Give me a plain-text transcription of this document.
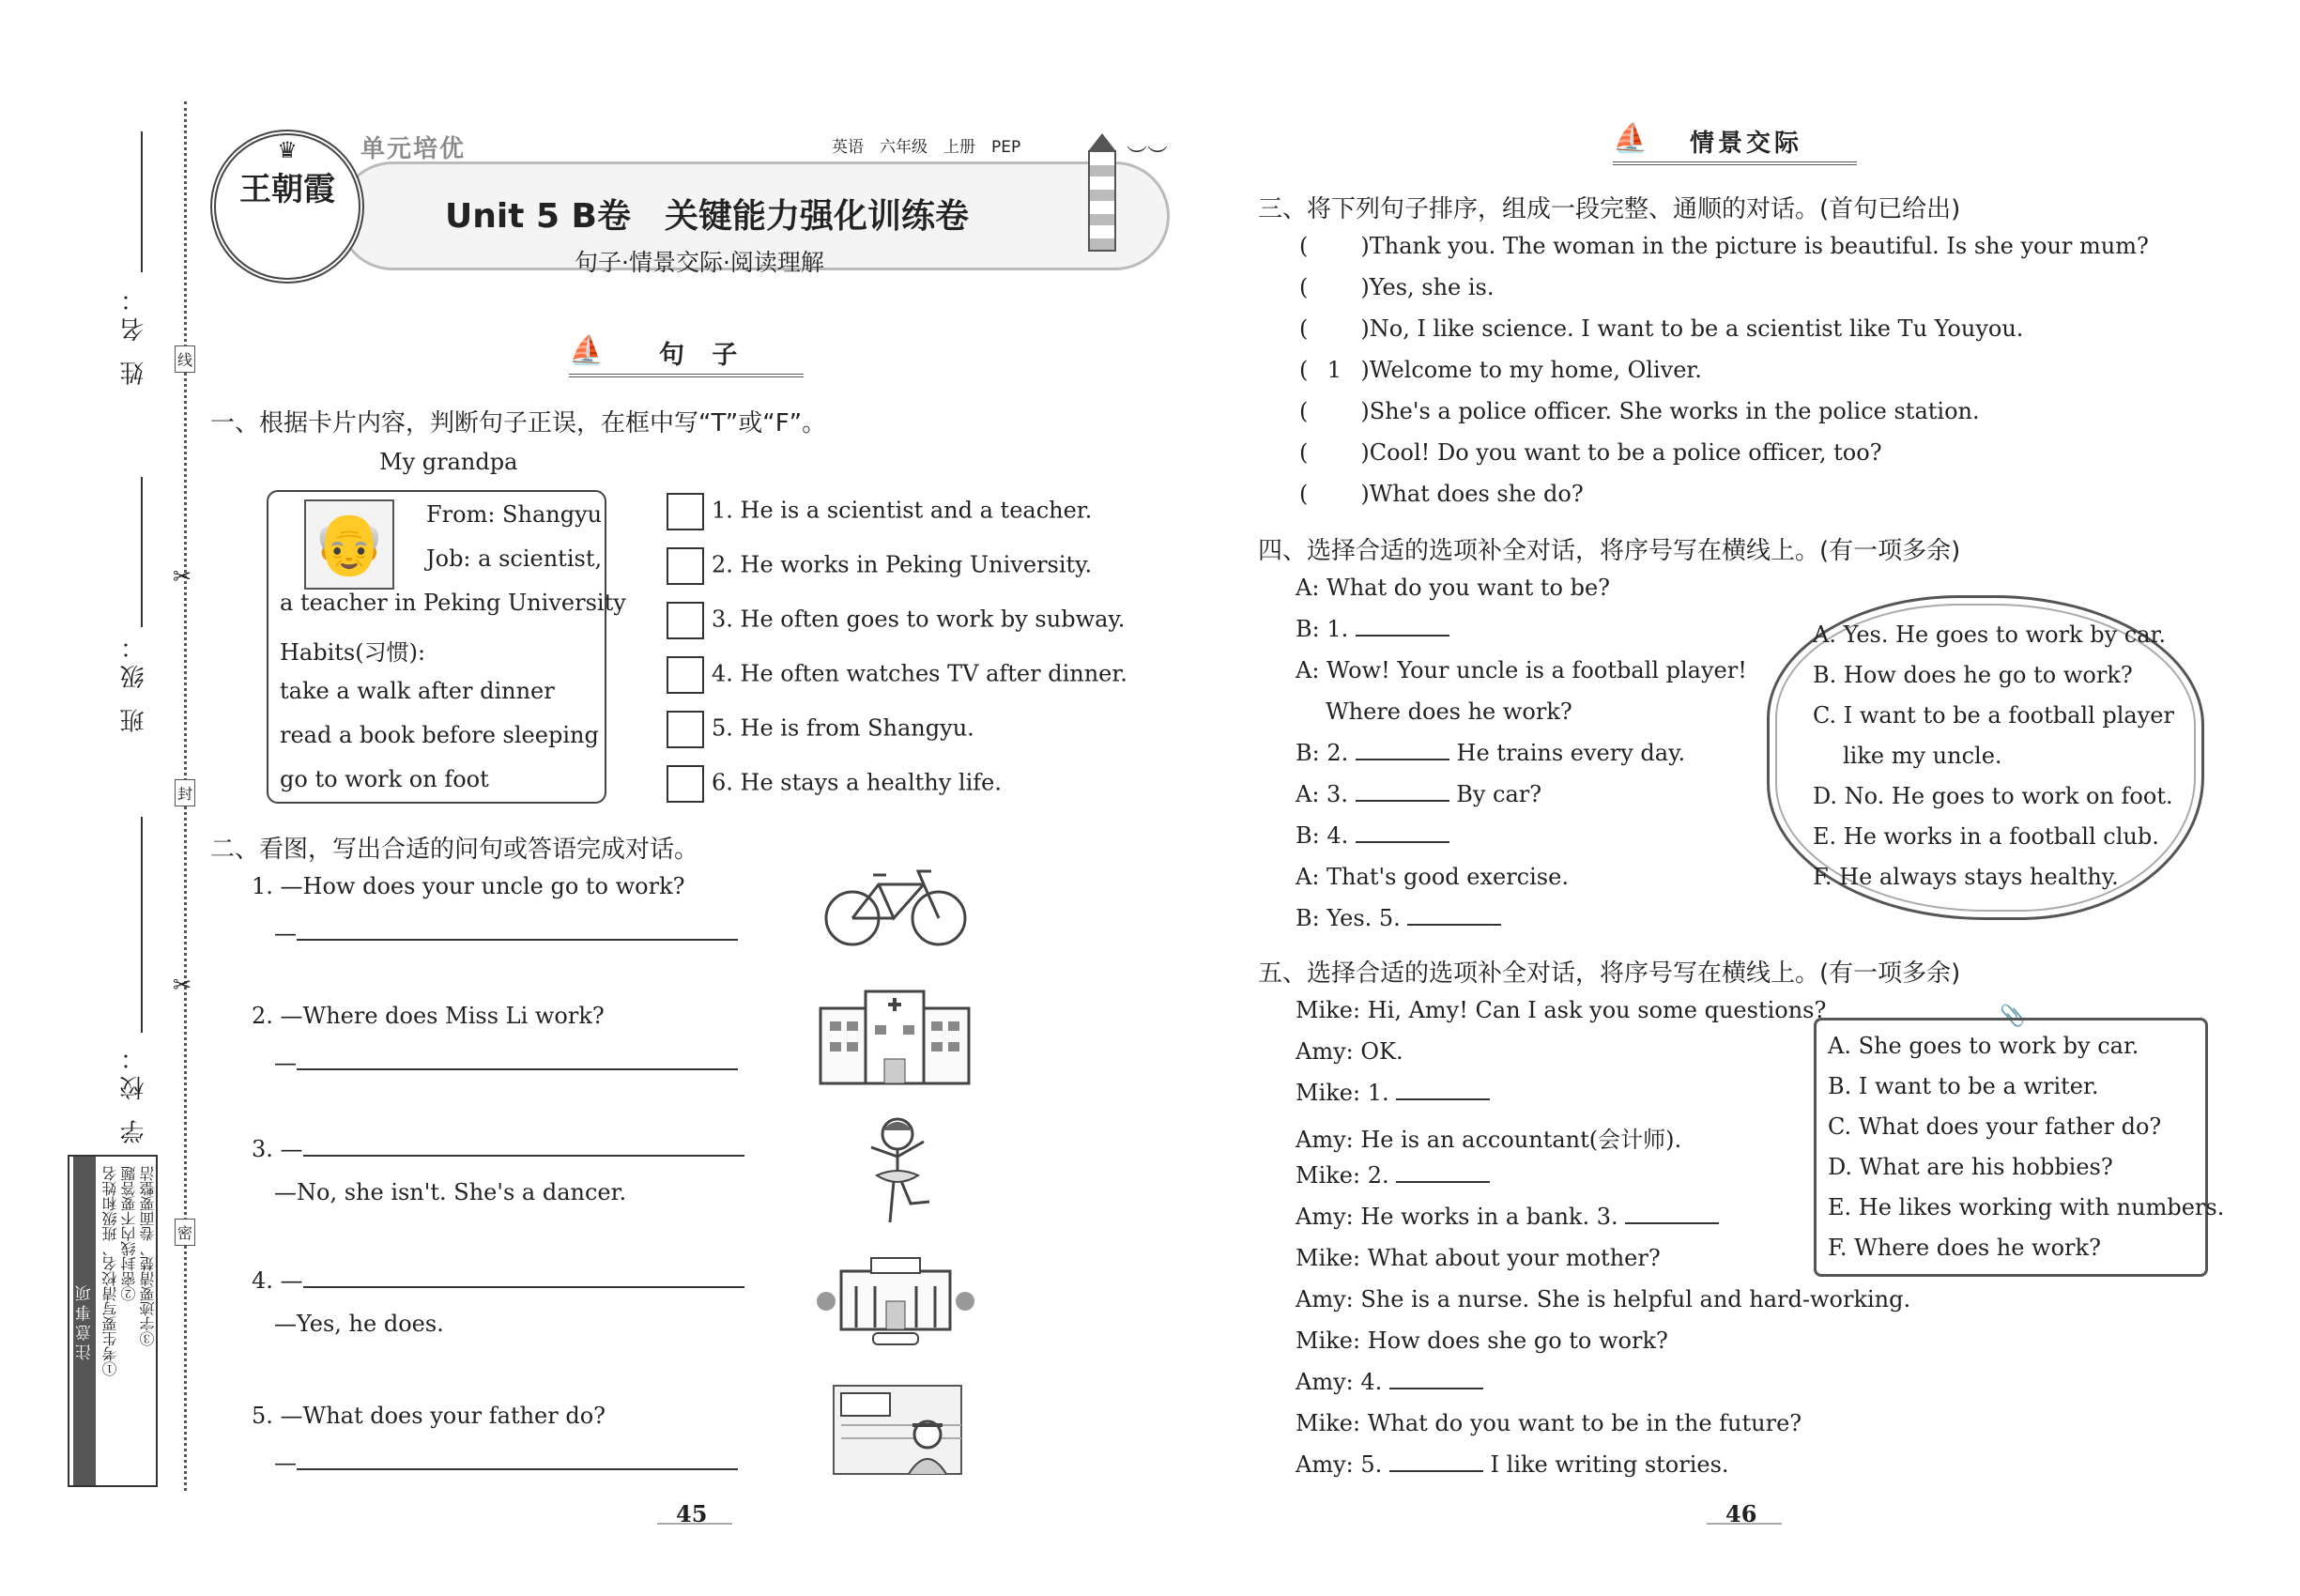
线
封
密
✂
✂
姓 名：
班 级：
学 校：
注意事项 ①考生要写清校名、班级和姓名 ②密封线内不要答题 ③字迹要清楚、卷面要整洁
♛
王朝霞
单元培优	英语　六年级　上册　PEP
Unit 5 B卷　关键能力强化训练卷
句子·情景交际·阅读理解
︶︶
⛵ 句 子
一、根据卡片内容，判断句子正误，在框中写“T”或“F”。
My grandpa
👴	From: Shangyu
Job: a scientist,
a teacher in Peking University
Habits(习惯):
take a walk after dinner
read a book before sleeping
go to work on foot
1. He is a scientist and a teacher.
2. He works in Peking University.
3. He often goes to work by subway.
4. He often watches TV after dinner.
5. He is from Shangyu.
6. He stays a healthy life.
二、看图，写出合适的问句或答语完成对话。
1. —How does your uncle go to work?
—
2. —Where does Miss Li work?
—
3. —
—No, she isn't. She's a dancer.
4. —
—Yes, he does.
5. —What does your father do?
—
45
⛵ 情景交际
三、将下列句子排序，组成一段完整、通顺的对话。(首句已给出)
( )Thank you. The woman in the picture is beautiful. Is she your mum?
( )Yes, she is.
( )No, I like science. I want to be a scientist like Tu Youyou.
( 1 )Welcome to my home, Oliver.
( )She's a police officer. She works in the police station.
( )Cool! Do you want to be a police officer, too?
( )What does she do?
四、选择合适的选项补全对话，将序号写在横线上。(有一项多余)
A: What do you want to be?
B: 1.
A: Wow! Your uncle is a football player!
Where does he work?
B: 2.	He trains every day.
A: 3.	By car?
B: 4.
A: That's good exercise.
B: Yes. 5.
A. Yes. He goes to work by car.
B. How does he go to work?
C. I want to be a football player
like my uncle.
D. No. He goes to work on foot.
E. He works in a football club.
F. He always stays healthy.
五、选择合适的选项补全对话，将序号写在横线上。(有一项多余)
Mike: Hi, Amy! Can I ask you some questions?
Amy: OK.
Mike: 1.
Amy: He is an accountant(会计师).
Mike: 2.
Amy: He works in a bank. 3.
Mike: What about your mother?
Amy: She is a nurse. She is helpful and hard-working.
Mike: How does she go to work?
Amy: 4.
Mike: What do you want to be in the future?
Amy: 5.	I like writing stories.
📎
A. She goes to work by car.
B. I want to be a writer.
C. What does your father do?
D. What are his hobbies?
E. He likes working with numbers.
F. Where does he work?
46
